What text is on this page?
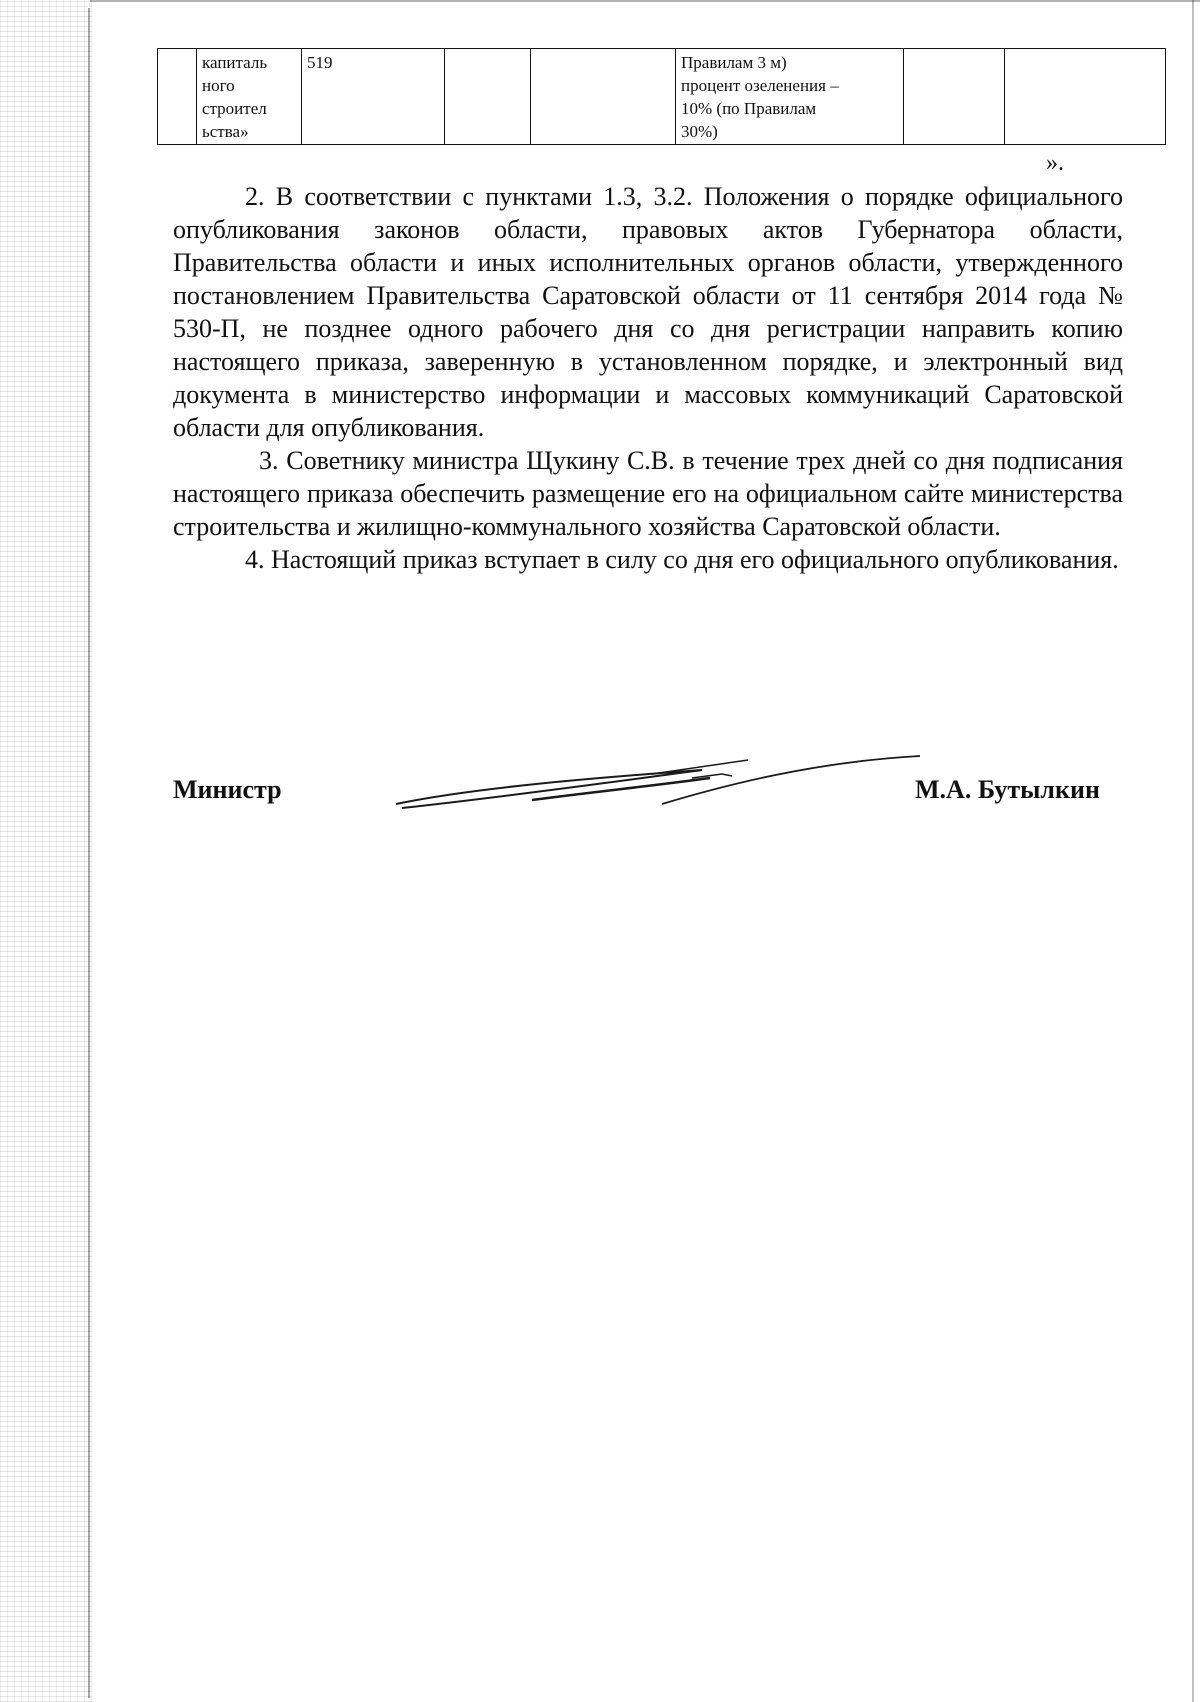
	капиталь
ного
строител
ьства»	519			Правилам 3 м)
процент озеленения –
10% (по Правилам
30%)		
».

2. В соответствии с пунктами 1.3, 3.2. Положения о порядке официального опубликования законов области, правовых актов Губернатора области, Правительства области и иных исполнительных органов области, утвержденного постановлением Правительства Саратовской области от 11 сентября 2014 года № 530-П, не позднее одного рабочего дня со дня регистрации направить копию настоящего приказа, заверенную в установленном порядке, и электронный вид документа в министерство информации и массовых коммуникаций Саратовской области для опубликования.

3. Советнику министра Щукину С.В. в течение трех дней со дня подписания настоящего приказа обеспечить размещение его на официальном сайте министерства строительства и жилищно-коммунального хозяйства Саратовской области.

4. Настоящий приказ вступает в силу со дня его официального опубликования.

Министр	М.А. Бутылкин
